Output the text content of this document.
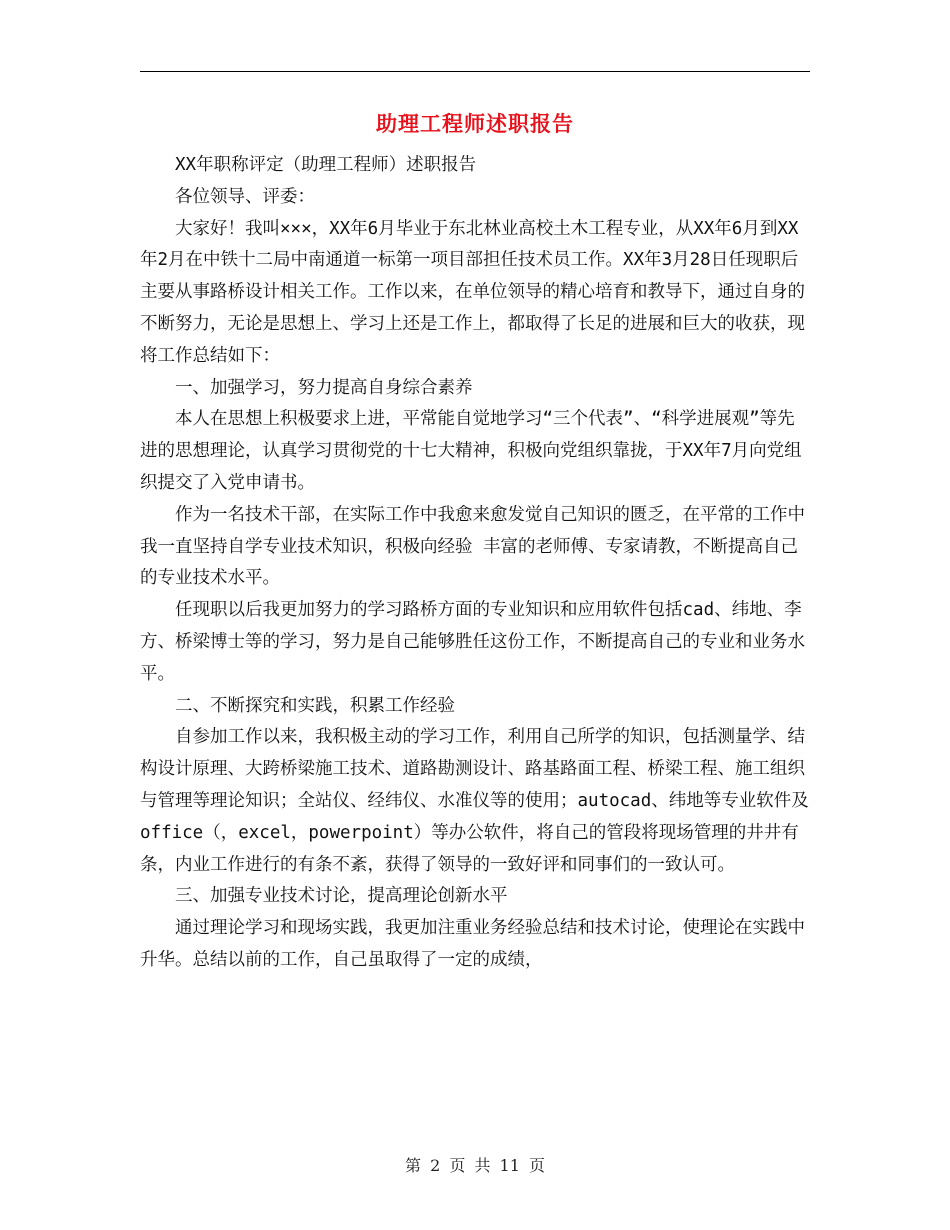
助理工程师述职报告

XX年职称评定（助理工程师）述职报告

各位领导、评委：

大家好！我叫×××，XX年6月毕业于东北林业高校土木工程专业，从XX年6月到XX年2月在中铁十二局中南通道一标第一项目部担任技术员工作。XX年3月28日任现职后主要从事路桥设计相关工作。工作以来，在单位领导的精心培育和教导下，通过自身的不断努力，无论是思想上、学习上还是工作上，都取得了长足的进展和巨大的收获，现将工作总结如下：

一、加强学习，努力提高自身综合素养

本人在思想上积极要求上进，平常能自觉地学习“三个代表”、“科学进展观”等先进的思想理论，认真学习贯彻党的十七大精神，积极向党组织靠拢，于XX年7月向党组织提交了入党申请书。

作为一名技术干部，在实际工作中我愈来愈发觉自己知识的匮乏，在平常的工作中我一直坚持自学专业技术知识，积极向经验 丰富的老师傅、专家请教，不断提高自己的专业技术水平。

任现职以后我更加努力的学习路桥方面的专业知识和应用软件包括cad、纬地、李方、桥梁博士等的学习，努力是自己能够胜任这份工作，不断提高自己的专业和业务水平。

二、不断探究和实践，积累工作经验

自参加工作以来，我积极主动的学习工作，利用自己所学的知识，包括测量学、结构设计原理、大跨桥梁施工技术、道路勘测设计、路基路面工程、桥梁工程、施工组织与管理等理论知识；全站仪、经纬仪、水准仪等的使用；autocad、纬地等专业软件及

office（，excel，powerpoint）等办公软件，将自己的管段将现场管理的井井有条，内业工作进行的有条不紊，获得了领导的一致好评和同事们的一致认可。

三、加强专业技术讨论，提高理论创新水平

通过理论学习和现场实践，我更加注重业务经验总结和技术讨论，使理论在实践中升华。总结以前的工作，自己虽取得了一定的成绩，

第 2 页 共 11 页
